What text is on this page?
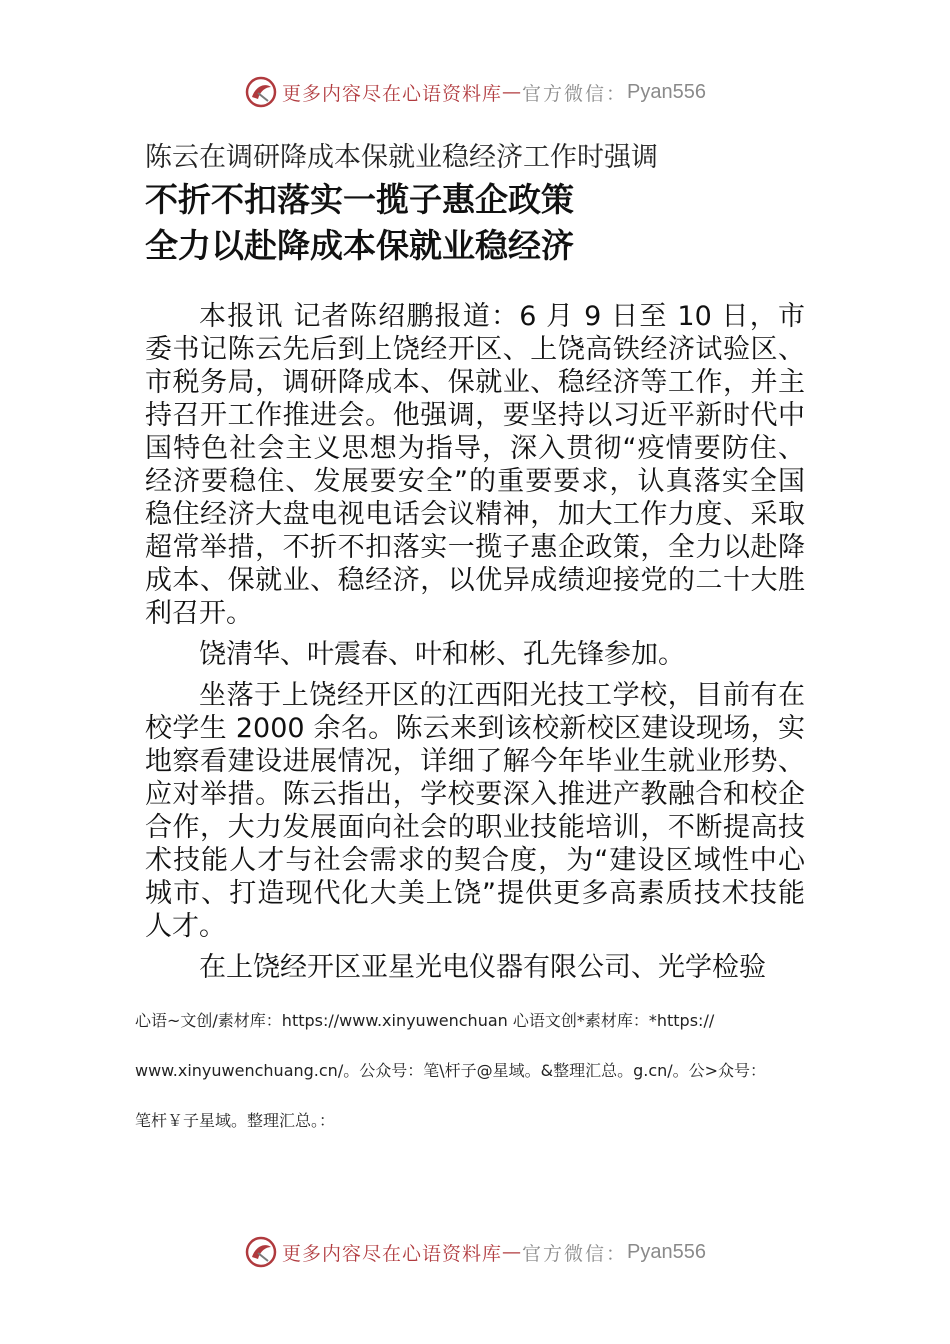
更多内容尽在心语资料库 — 官方微信： Pyan556
陈云在调研降成本保就业稳经济工作时强调
不折不扣落实一揽子惠企政策
全力以赴降成本保就业稳经济

本报讯 记者陈绍鹏报道：6 月 9 日至 10 日，市委书记陈云先后到上饶经开区、上饶高铁经济试验区、市税务局，调研降成本、保就业、稳经济等工作，并主持召开工作推进会。他强调，要坚持以习近平新时代中国特色社会主义思想为指导，深入贯彻“疫情要防住、经济要稳住、发展要安全”的重要要求，认真落实全国稳住经济大盘电视电话会议精神，加大工作力度、采取超常举措，不折不扣落实一揽子惠企政策，全力以赴降成本、保就业、稳经济，以优异成绩迎接党的二十大胜利召开。

饶清华、叶震春、叶和彬、孔先锋参加。

坐落于上饶经开区的江西阳光技工学校，目前有在校学生 2000 余名。陈云来到该校新校区建设现场，实地察看建设进展情况，详细了解今年毕业生就业形势、应对举措。陈云指出，学校要深入推进产教融合和校企合作，大力发展面向社会的职业技能培训，不断提高技术技能人才与社会需求的契合度，为“建设区域性中心城市、打造现代化大美上饶”提供更多高素质技术技能人才。

在上饶经开区亚星光电仪器有限公司、光学检验

心语~文创/素材库：https://www.xinyuwenchuan 心语文创*素材库：*https://
www.xinyuwenchuang.cn/。公众号：笔\杆子@星域。&整理汇总。g.cn/。公>众号：
笔杆￥子星域。整理汇总。：
更多内容尽在心语资料库 — 官方微信： Pyan556
